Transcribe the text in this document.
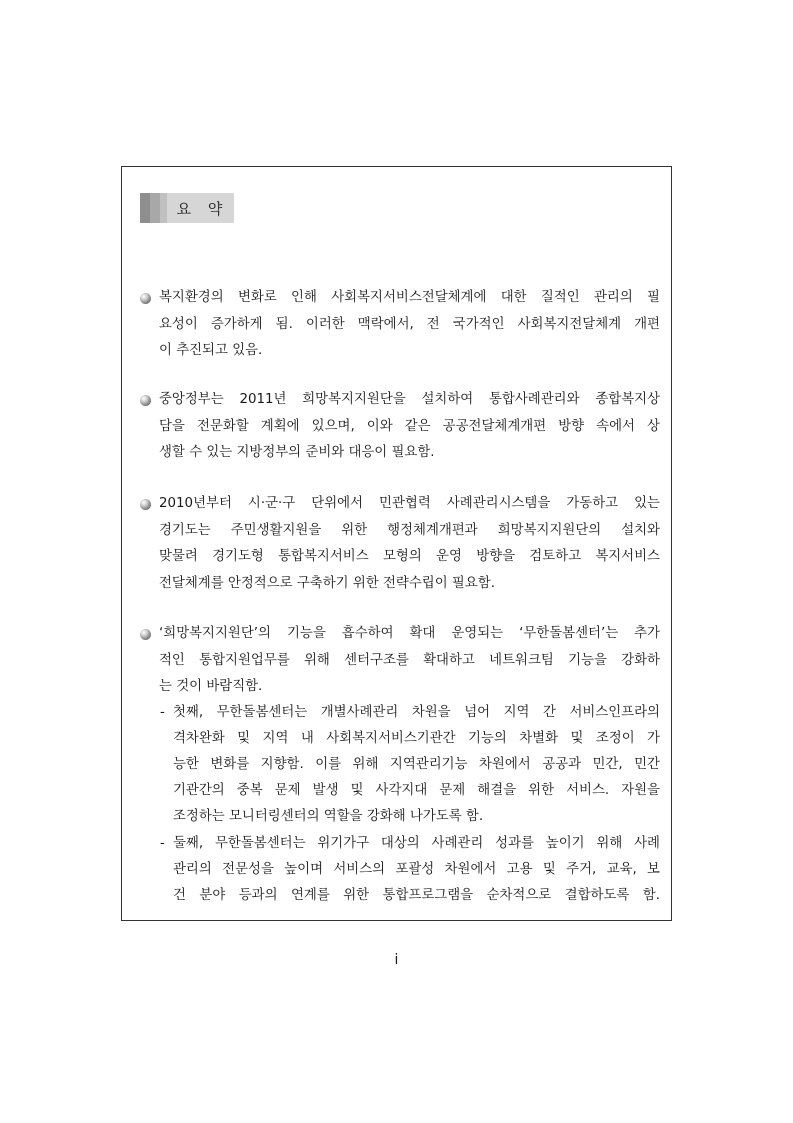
요 약
복지환경의 변화로 인해 사회복지서비스전달체계에 대한 질적인 관리의 필
요성이 증가하게 됨. 이러한 맥락에서, 전 국가적인 사회복지전달체계 개편
이 추진되고 있음.
중앙정부는 2011년 희망복지지원단을 설치하여 통합사례관리와 종합복지상
담을 전문화할 계획에 있으며, 이와 같은 공공전달체계개편 방향 속에서 상
생할 수 있는 지방정부의 준비와 대응이 필요함.
2010년부터 시·군·구 단위에서 민관협력 사례관리시스템을 가동하고 있는
경기도는 주민생활지원을 위한 행정체계개편과 희망복지지원단의 설치와
맞물려 경기도형 통합복지서비스 모형의 운영 방향을 검토하고 복지서비스
전달체계를 안정적으로 구축하기 위한 전략수립이 필요함.
‘희망복지지원단’의 기능을 흡수하여 확대 운영되는 ‘무한돌봄센터’는 추가
적인 통합지원업무를 위해 센터구조를 확대하고 네트워크팀 기능을 강화하
는 것이 바람직함.
- 첫째, 무한돌봄센터는 개별사례관리 차원을 넘어 지역 간 서비스인프라의
격차완화 및 지역 내 사회복지서비스기관간 기능의 차별화 및 조정이 가
능한 변화를 지향함. 이를 위해 지역관리기능 차원에서 공공과 민간, 민간
기관간의 중복 문제 발생 및 사각지대 문제 해결을 위한 서비스. 자원을
조정하는 모니터링센터의 역할을 강화해 나가도록 함.
- 둘째, 무한돌봄센터는 위기가구 대상의 사례관리 성과를 높이기 위해 사례
관리의 전문성을 높이며 서비스의 포괄성 차원에서 고용 및 주거, 교육, 보
건 분야 등과의 연계를 위한 통합프로그램을 순차적으로 결합하도록 함.
i
